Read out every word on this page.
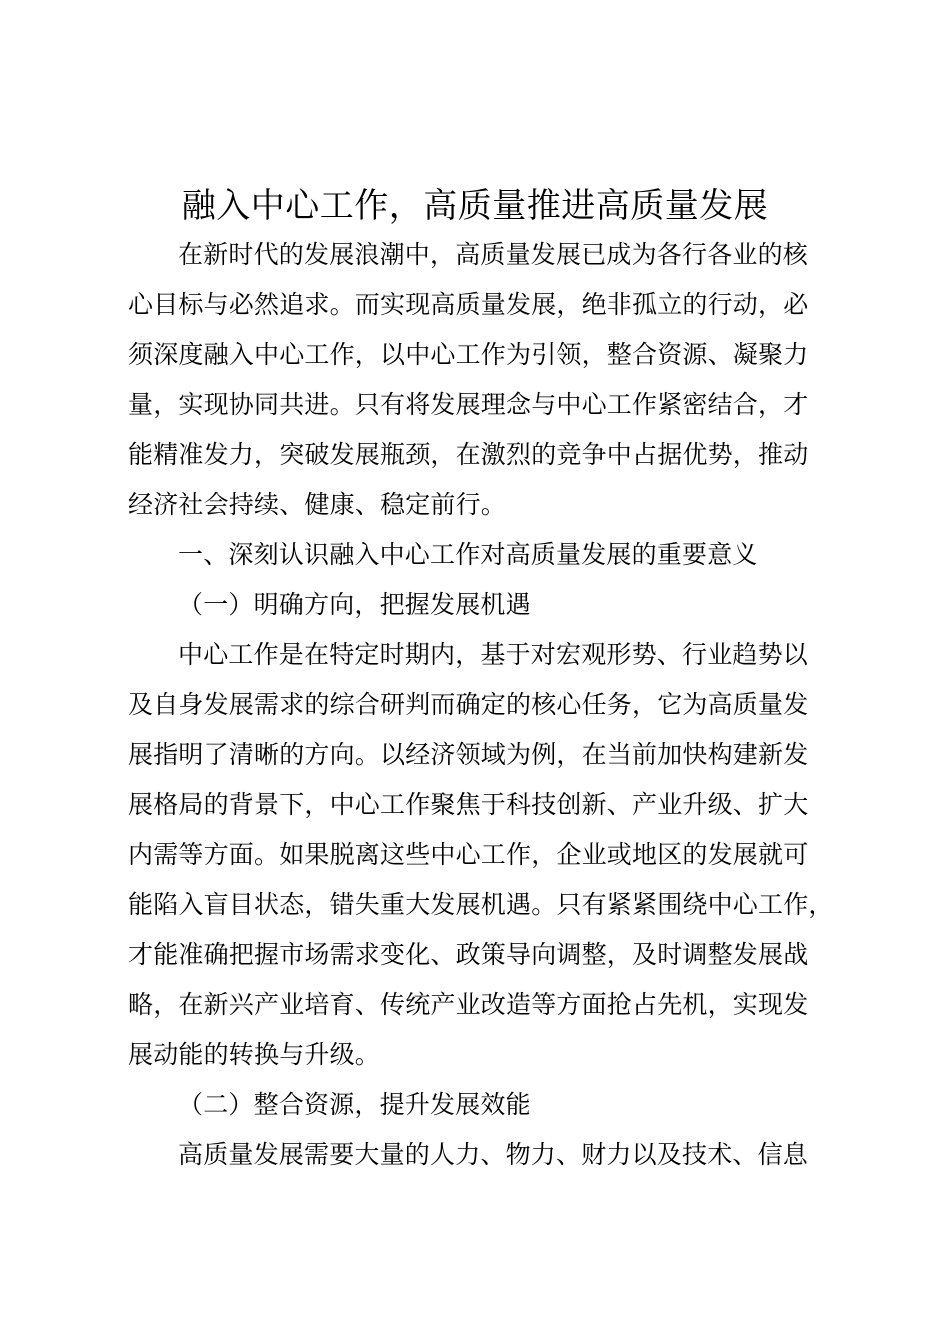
融入中心工作，高质量推进高质量发展
在新时代的发展浪潮中，高质量发展已成为各行各业的核
心目标与必然追求。而实现高质量发展，绝非孤立的行动，必
须深度融入中心工作，以中心工作为引领，整合资源、凝聚力
量，实现协同共进。只有将发展理念与中心工作紧密结合，才
能精准发力，突破发展瓶颈，在激烈的竞争中占据优势，推动
经济社会持续、健康、稳定前行。
一、深刻认识融入中心工作对高质量发展的重要意义
（一）明确方向，把握发展机遇
中心工作是在特定时期内，基于对宏观形势、行业趋势以
及自身发展需求的综合研判而确定的核心任务，它为高质量发
展指明了清晰的方向。以经济领域为例，在当前加快构建新发
展格局的背景下，中心工作聚焦于科技创新、产业升级、扩大
内需等方面。如果脱离这些中心工作，企业或地区的发展就可
能陷入盲目状态，错失重大发展机遇。只有紧紧围绕中心工作，
才能准确把握市场需求变化、政策导向调整，及时调整发展战
略，在新兴产业培育、传统产业改造等方面抢占先机，实现发
展动能的转换与升级。
（二）整合资源，提升发展效能
高质量发展需要大量的人力、物力、财力以及技术、信息
